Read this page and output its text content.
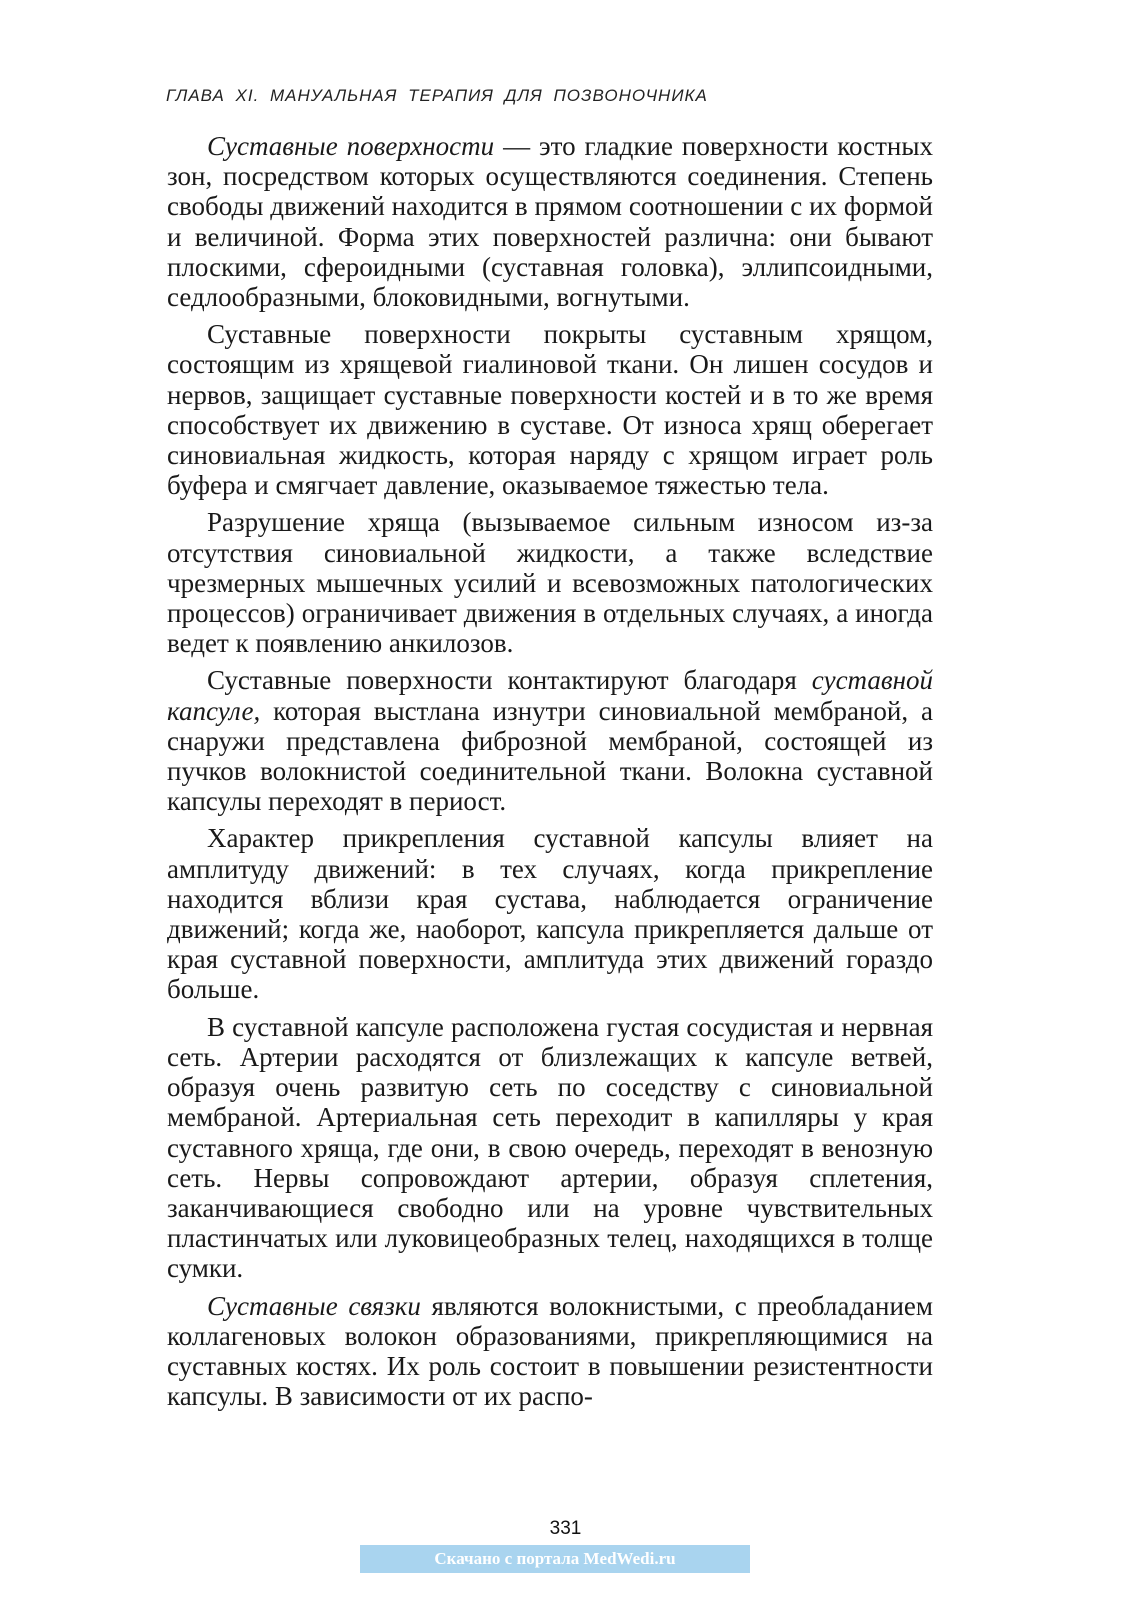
ГЛАВА XI. МАНУАЛЬНАЯ ТЕРАПИЯ ДЛЯ ПОЗВОНОЧНИКА

Суставные поверхности — это гладкие поверхности костных зон, посредством которых осуществляются соединения. Степень свободы движений находится в прямом соотношении с их формой и величиной. Форма этих поверхностей различна: они бывают плоскими, сфероидными (суставная головка), эллипсоидными, седлообразными, блоковидными, вогнутыми.

Суставные поверхности покрыты суставным хрящом, состоящим из хрящевой гиалиновой ткани. Он лишен сосудов и нервов, защищает суставные поверхности костей и в то же время способствует их движению в суставе. От износа хрящ оберегает синовиальная жидкость, которая наряду с хрящом играет роль буфера и смягчает давление, оказываемое тяжестью тела.

Разрушение хряща (вызываемое сильным износом из-за отсутствия синовиальной жидкости, а также вследствие чрезмерных мышечных усилий и всевозможных патологических процессов) ограничивает движения в отдельных случаях, а иногда ведет к появлению анкилозов.

Суставные поверхности контактируют благодаря суставной капсуле, которая выстлана изнутри синовиальной мембраной, а снаружи представлена фиброзной мембраной, состоящей из пучков волокнистой соединительной ткани. Волокна суставной капсулы переходят в периост.

Характер прикрепления суставной капсулы влияет на амплитуду движений: в тех случаях, когда прикрепление находится вблизи края сустава, наблюдается ограничение движений; когда же, наоборот, капсула прикрепляется дальше от края суставной поверхности, амплитуда этих движений гораздо больше.

В суставной капсуле расположена густая сосудистая и нервная сеть. Артерии расходятся от близлежащих к капсуле ветвей, образуя очень развитую сеть по соседству с синовиальной мембраной. Артериальная сеть переходит в капилляры у края суставного хряща, где они, в свою очередь, переходят в венозную сеть. Нервы сопровождают артерии, образуя сплетения, заканчивающиеся свободно или на уровне чувствительных пластинчатых или луковицеобразных телец, находящихся в толще сумки.

Суставные связки являются волокнистыми, с преобладанием коллагеновых волокон образованиями, прикрепляющимися на суставных костях. Их роль состоит в повышении резистентности капсулы. В зависимости от их распо-

331
Скачано с портала MedWedi.ru
